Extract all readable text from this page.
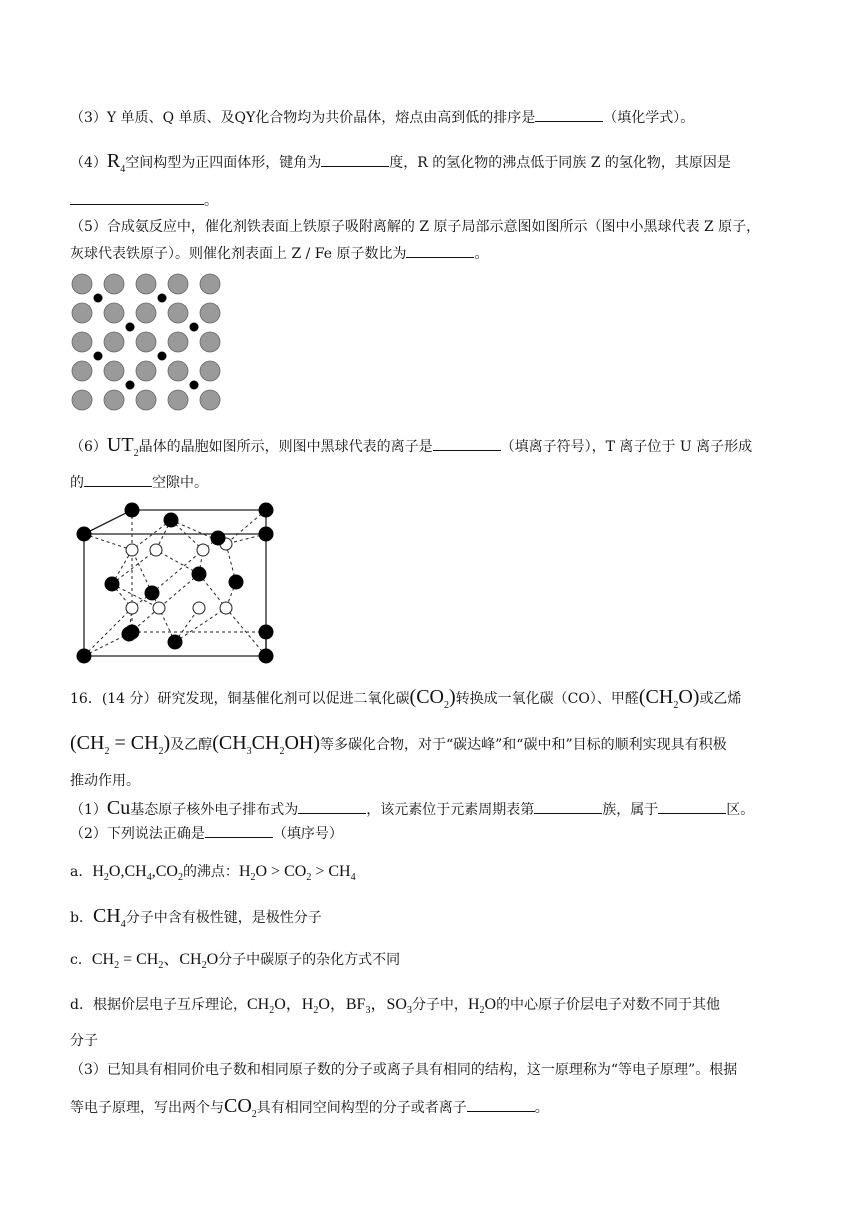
（3）Y 单质、Q 单质、及QY化合物均为共价晶体，熔点由高到低的排序是	（填化学式）。
$(4)R_4$空间构型为正四面体形，键角为	度，R 的氢化物的沸点低于同族 Z 的氢化物，其原因是
。
（5）合成氨反应中，催化剂铁表面上铁原子吸附离解的 Z 原子局部示意图如图所示（图中小黑球代表 Z 原子，
灰球代表铁原子）。则催化剂表面上 Z / Fe 原子数比为	。
$(6)UT_2$晶体的晶胞如图所示，则图中黑球代表的离子是	（填离子符号），T 离子位于 U 离子形成
的	空隙中。
16．(14 分）研究发现，铜基催化剂可以促进二氧化碳$(CO_2)$转换成一氧化碳（CO）、甲醛$(CH_2O)$或乙烯
$(CH_2 = CH_2)$及乙醇$(CH_3CH_2OH)$等多碳化合物，对于“碳达峰”和“碳中和”目标的顺利实现具有积极
推动作用。
（1）Cu基态原子核外电子排布式为	，该元素位于元素周期表第	族，属于	区。
（2）下列说法正确是	（填序号）
a．$H_2O,CH_4,CO_2$的沸点：$H_2O > CO_2 > CH_4$
b．$CH_4$分子中含有极性键，是极性分子
c．$CH_2 = CH_2$、$CH_2O$分子中碳原子的杂化方式不同
d．根据价层电子互斥理论，$CH_2O$，$H_2O$，$BF_3$，$SO_3$分子中，$H_2O$的中心原子价层电子对数不同于其他
分子
（3）已知具有相同价电子数和相同原子数的分子或离子具有相同的结构，这一原理称为“等电子原理”。根据
等电子原理，写出两个与$CO_2$具有相同空间构型的分子或者离子	。
